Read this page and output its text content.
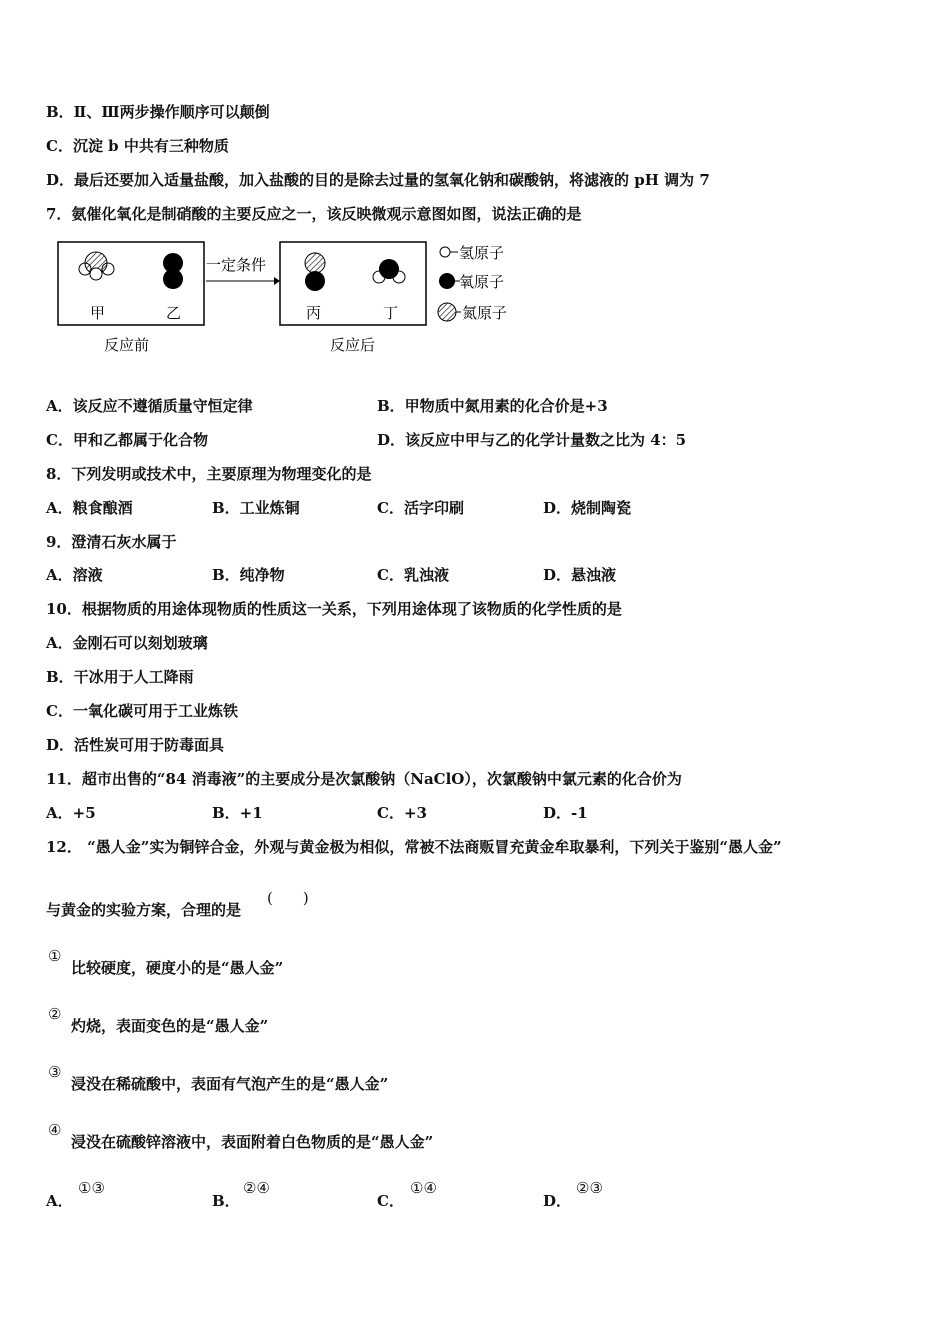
B．Ⅱ、Ⅲ两步操作顺序可以颠倒
C．沉淀 b 中共有三种物质
D．最后还要加入适量盐酸，加入盐酸的目的是除去过量的氢氧化钠和碳酸钠，将滤液的 pH 调为 7
7．氨催化氧化是制硝酸的主要反应之一，该反映微观示意图如图，说法正确的是
甲	乙
一定条件
丙	丁
氢原子
氧原子
氮原子
反应前	反应后
A．该反应不遵循质量守恒定律	B．甲物质中氮用素的化合价是+3
C．甲和乙都属于化合物	D．该反应中甲与乙的化学计量数之比为 4：5
8．下列发明或技术中，主要原理为物理变化的是
A．粮食酿酒	B．工业炼铜	C．活字印刷	D．烧制陶瓷
9．澄清石灰水属于
A．溶液	B．纯净物	C．乳浊液	D．悬浊液
10．根据物质的用途体现物质的性质这一关系，下列用途体现了该物质的化学性质的是
A．金刚石可以刻划玻璃
B．干冰用于人工降雨
C．一氧化碳可用于工业炼铁
D．活性炭可用于防毒面具
11．超市出售的“84 消毒液”的主要成分是次氯酸钠（NaClO），次氯酸钠中氯元素的化合价为
A．+5	B．+1	C．+3	D．-1
12． “愚人金”实为铜锌合金，外观与黄金极为相似，常被不法商贩冒充黄金牟取暴利，下列关于鉴别“愚人金”
与黄金的实验方案，合理的是
(　　)
①
比较硬度，硬度小的是“愚人金”
②
灼烧，表面变色的是“愚人金”
③
浸没在稀硫酸中，表面有气泡产生的是“愚人金”
④
浸没在硫酸锌溶液中，表面附着白色物质的是“愚人金”
A．
①③
B．
②④
C．
①④
D．
②③
